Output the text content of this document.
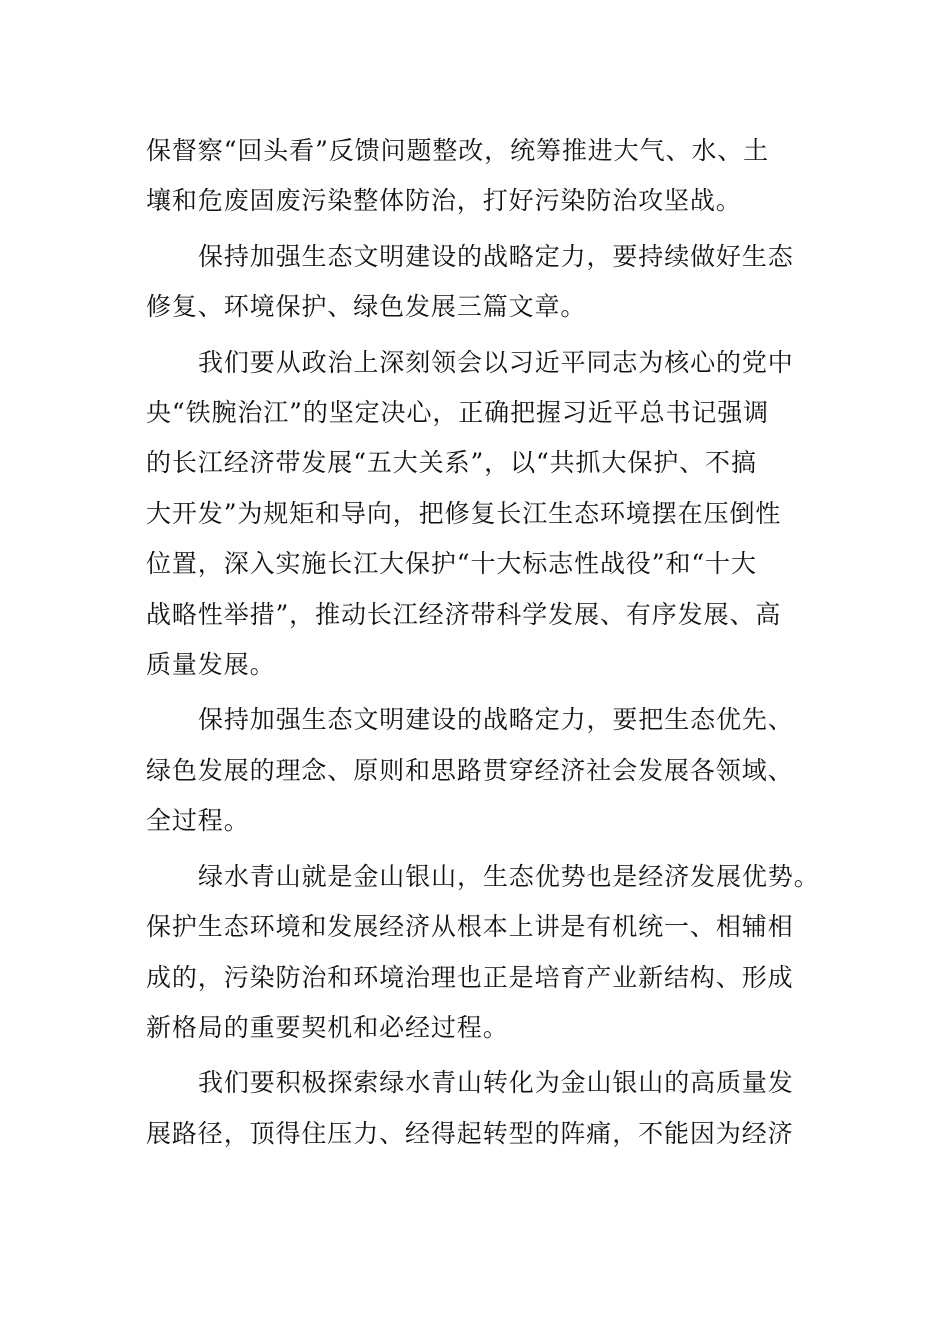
保督察“回头看”反馈问题整改，统筹推进大气、水、土
壤和危废固废污染整体防治，打好污染防治攻坚战。

保持加强生态文明建设的战略定力，要持续做好生态
修复、环境保护、绿色发展三篇文章。

我们要从政治上深刻领会以习近平同志为核心的党中
央“铁腕治江”的坚定决心，正确把握习近平总书记强调
的长江经济带发展“五大关系”，以“共抓大保护、不搞
大开发”为规矩和导向，把修复长江生态环境摆在压倒性
位置，深入实施长江大保护“十大标志性战役”和“十大
战略性举措”，推动长江经济带科学发展、有序发展、高
质量发展。

保持加强生态文明建设的战略定力，要把生态优先、
绿色发展的理念、原则和思路贯穿经济社会发展各领域、
全过程。

绿水青山就是金山银山，生态优势也是经济发展优势。
保护生态环境和发展经济从根本上讲是有机统一、相辅相
成的，污染防治和环境治理也正是培育产业新结构、形成
新格局的重要契机和必经过程。

我们要积极探索绿水青山转化为金山银山的高质量发
展路径，顶得住压力、经得起转型的阵痛，不能因为经济
